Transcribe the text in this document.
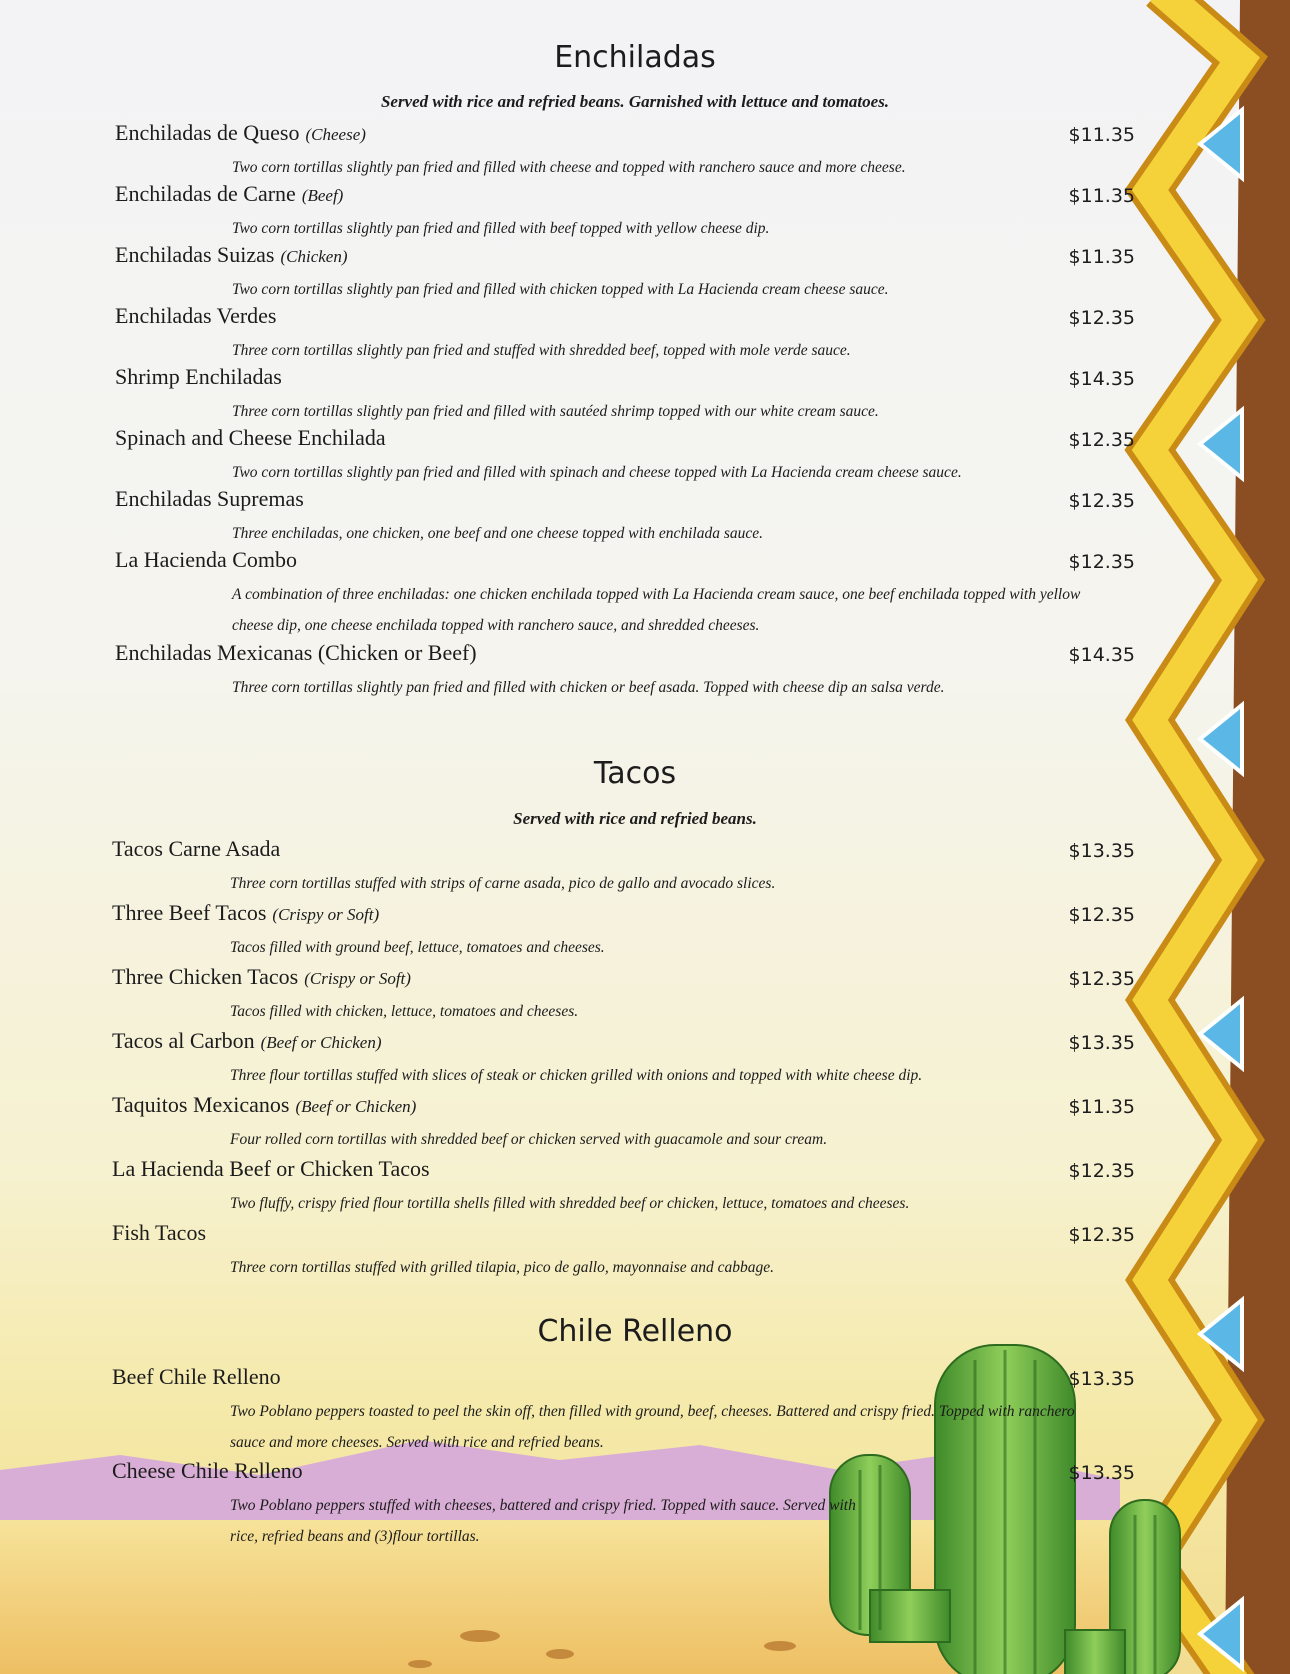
Enchiladas
Served with rice and refried beans. Garnished with lettuce and tomatoes.
Enchiladas de Queso (Cheese)	$11.35
Two corn tortillas slightly pan fried and filled with cheese and topped with ranchero sauce and more cheese.
Enchiladas de Carne (Beef)	$11.35
Two corn tortillas slightly pan fried and filled with beef topped with yellow cheese dip.
Enchiladas Suizas (Chicken)	$11.35
Two corn tortillas slightly pan fried and filled with chicken topped with La Hacienda cream cheese sauce.
Enchiladas Verdes	$12.35
Three corn tortillas slightly pan fried and stuffed with shredded beef, topped with mole verde sauce.
Shrimp Enchiladas	$14.35
Three corn tortillas slightly pan fried and filled with sautéed shrimp topped with our white cream sauce.
Spinach and Cheese Enchilada	$12.35
Two corn tortillas slightly pan fried and filled with spinach and cheese topped with La Hacienda cream cheese sauce.
Enchiladas Supremas	$12.35
Three enchiladas, one chicken, one beef and one cheese topped with enchilada sauce.
La Hacienda Combo	$12.35
A combination of three enchiladas: one chicken enchilada topped with La Hacienda cream sauce, one beef enchilada topped with yellow cheese dip, one cheese enchilada topped with ranchero sauce, and shredded cheeses.
Enchiladas Mexicanas (Chicken or Beef)	$14.35
Three corn tortillas slightly pan fried and filled with chicken or beef asada. Topped with cheese dip an salsa verde.
Tacos
Served with rice and refried beans.
Tacos Carne Asada	$13.35
Three corn tortillas stuffed with strips of carne asada, pico de gallo and avocado slices.
Three Beef Tacos (Crispy or Soft)	$12.35
Tacos filled with ground beef, lettuce, tomatoes and cheeses.
Three Chicken Tacos (Crispy or Soft)	$12.35
Tacos filled with chicken, lettuce, tomatoes and cheeses.
Tacos al Carbon (Beef or Chicken)	$13.35
Three flour tortillas stuffed with slices of steak or chicken grilled with onions and topped with white cheese dip.
Taquitos Mexicanos (Beef or Chicken)	$11.35
Four rolled corn tortillas with shredded beef or chicken served with guacamole and sour cream.
La Hacienda Beef or Chicken Tacos	$12.35
Two fluffy, crispy fried flour tortilla shells filled with shredded beef or chicken, lettuce, tomatoes and cheeses.
Fish Tacos	$12.35
Three corn tortillas stuffed with grilled tilapia, pico de gallo, mayonnaise and cabbage.
Chile Relleno
Beef Chile Relleno	$13.35
Two Poblano peppers toasted to peel the skin off, then filled with ground, beef, cheeses. Battered and crispy fried. Topped with ranchero sauce and more cheeses. Served with rice and refried beans.
Cheese Chile Relleno	$13.35
Two Poblano peppers stuffed with cheeses, battered and crispy fried. Topped with sauce. Served with rice, refried beans and (3)flour tortillas.
